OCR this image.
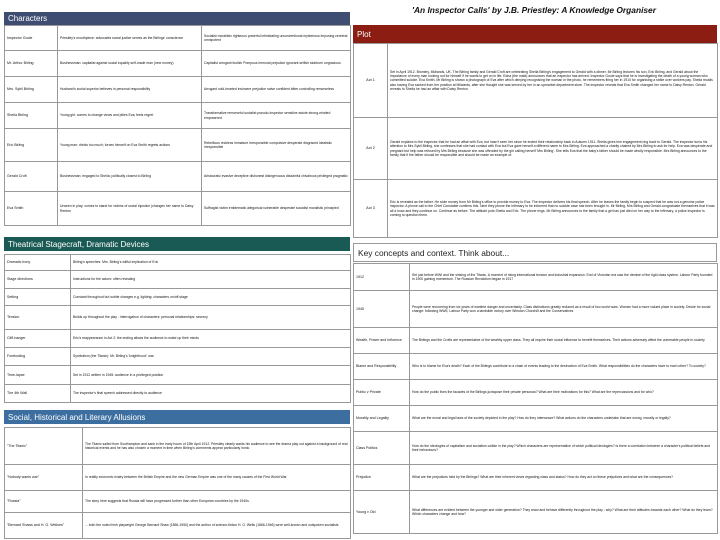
'An Inspector Calls' by J.B. Priestley: A Knowledge Organiser
Characters
Inspector Goole	Priestley's mouthpiece: advocates social justice serves as the Birlings' conscience	Socialist moralistic righteous powerful intimidating unconventional mysterious imposing cerebral omnipotent
Mr. Arthur Birling	Businessman: capitalist against social equality self-made man (new money)	Capitalist arrogant foolish Pompous immoral prejudice ignorant selfish stubborn ungracious
Mrs. Sybil Birling	Husband's social superior believes in personal responsibility	Arrogant cold-hearted insincere prejudice naive confident bitter controlling remorseless
Sheila Birling	Young girl: comes to change views and pities Eva; feels regret	Transformative remorseful socialist pseudo-inspector sensitive astute strong-minded empowered
Eric Birling	Young man: drinks too much; forces himself on Eva Smith regrets actions	Rebellious reckless immature irresponsible compulsive desperate disgraced idealistic irresponsible
Gerald Croft	Businessman: engaged to Sheila; politically closest to Birling	Aristocratic evasive deceptive dishonest disingenuous disdainful chivalrous privileged pragmatic
Eva Smith	Unseen in play; comes to stand for victims of social injustice (changes her name to Daisy Renton	Suffragist victim emblematic allegorical vulnerable desperate socialist moralistic principled
Plot
Act 1	Set in April 1912. Brumley, Midlands, UK. The Birling family and Gerald Croft are celebrating Sheila Birling's engagement to Gerald with a dinner. Mr Birling lectures his son, Eric Birling, and Gerald about the importance of every man looking out for himself if he wants to get on in life. Edna (the maid) announces that an inspector has arrived. Inspector Goole says that he is investigating the death of a young woman who committed suicide. Eva Smith. Mr Birling is shown a photograph of Eva after which denying recognising the woman in the photo, he remembers firing her in 1910 for organising a strike over workers pay. Sheila recalls also having Eva sacked from her position at Milwards, after she thought she was served by her in an upmarket department store. The inspector reveals that Eva Smith changed her name to Daisy Renton. Gerald reveals to Sheila he had an affair with Daisy Renton.
Act 2	Gerald explains to the inspector that he had an affair with Eva, but hasn't seen her since he ended their relationship back in Autumn 1911. Sheila gives him engagement ring back to Gerald. The inspector turns his attention to Mrs Sybil Birling, she confesses that she had contact with Eva but Eva gave herself a different name to Mrs Birling. Eva approached a charity chaired by Mrs Birling to ask for help. Eva was desperate and pregnant but help was refused by Mrs Birling because she was offended by the girl calling herself 'Mrs Birling'. She tells Eva that the baby's father should be made wholly responsible. Mrs Birling announces to the family that if the father should be responsible and should be made an example of.
Act 3	Eric is revealed as the father. He stole money from Mr Birling's office to provide money to Eva. The inspector delivers his final speech. After he leaves the family begin to suspect that he was not a genuine police inspector. A phone call to the Chief Constable confirms this. Next they phone the infirmary to be informed that no suicide case has been brought in. Mr Birling, Mrs Birling and Gerald congratulate themselves that it was all a hoax and they continue on. Continue as before. The attitude puts Sheila and Eric. The phone rings. Mr Birling announces to the family that a girl has just died on her way to the infirmary, a police inspector is coming to question them.
Theatrical Stagecraft, Dramatic Devices
Dramatic irony	Birling's speeches: Mrs. Birling's willful implication of Eric
Stage directions	Instructions for the actors: often revealing
Setting	Constant throughout but subtle changes e.g. lighting: characters on/off stage
Tension	Builds up throughout the play - interrogation of characters: personal relationships: secrecy
Cliff-hanger	Eric's reappearance in Act 2: the ending allows the audience to make up their minds
Foreboding	Symbolism (the Titanic): Mr. Birling's 'knighthood': war
Time-lapse	Set in 1912 written in 1945: audience in a privileged position
The 4th Wall	The inspector's final speech addressed directly to audience
Key concepts and context. Think about...
1912	Set just before WWI and the sinking of the Titanic. A moment of rising international tension and industrial expansion. End of Victorian era saw the demise of the rigid class system. Labour Party founded in 1900 gaining momentum. The Russian Revolution began in 1917
1945	People were recovering from six years of wartime danger and uncertainty. Class distinctions greatly reduced as a result of two world wars. Women had a more valued place in society. Desire for social change: following WWII, Labour Party won a landslide victory over Winston Churchill and the Conservatives
Wealth, Power and Influence	The Birlings and the Crofts are representative of the wealthy upper class. They all require their social influence to benefit themselves. Their actions adversely affect the vulnerable people in society
Blame and Responsibility	Who is to blame for Eva's death? Each of the Birlings contribute to a chain of events leading to the destruction of Eva Smith. What responsibilities do the characters have to each other? To society?
Public v Private	How do the public lives the facades of the Birlings juxtapose their private personas? What are their motivations for this? What are the repercussions and for who?
Morality and Legality	What are the moral and legal laws of the society depicted in the play? How do they interweave? What actions do the characters undertake that are wrong, morally or legally?
Class Politics	How do the ideologies of capitalism and socialism collide in the play? Which characters are representative of which political ideologies? Is there a correlation between a character's political beliefs and their behaviours?
Prejudice	What are the prejudices held by the Birlings? What are their inherent views regarding class and status? How do they act on these prejudices and what are the consequences?
Young v Old	What differences are evident between the younger and older generation? They react and behave differently throughout the play - why? What are their attitudes towards each other? What do they learn? Which characters change and how?
Social, Historical and Literary Allusions
"The Titanic"	The Titanic sailed from Southampton and sank in the early hours of 15th April 1912. Priestley clearly wants his audience to see the drama play out against a background of real historical events and he has also chosen a moment in time when Birling's comments appear particularly ironic.
"Nobody wants war"	In reality economic rivalry between the British Empire and the new German Empire was one of the many causes of the First World War
"Russia"	The story here suggests that Russia will have progressed further than other European countries by the 1940s
"Bernard Shaws and H. G. Wellses"	... both the noted Irish playwright George Bernard Shaw (1856-1950) and the author of science-fiction H. G. Wells (1866-1946) were well-known and outspoken socialists
